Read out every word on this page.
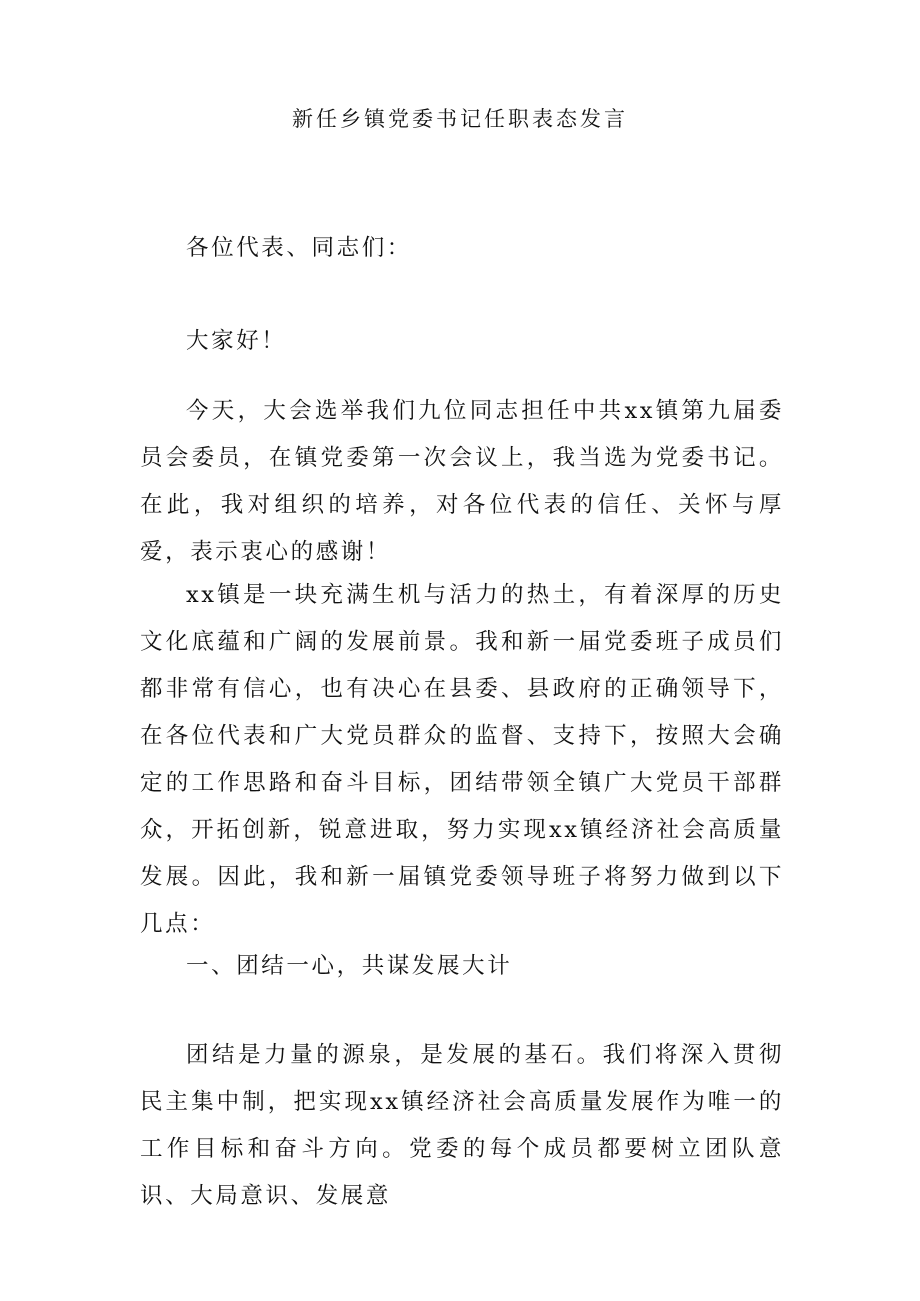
新任乡镇党委书记任职表态发言

各位代表、同志们：

大家好！

今天，大会选举我们九位同志担任中共xx镇第九届委员会委员，在镇党委第一次会议上，我当选为党委书记。在此，我对组织的培养，对各位代表的信任、关怀与厚爱，表示衷心的感谢！

xx镇是一块充满生机与活力的热土，有着深厚的历史文化底蕴和广阔的发展前景。我和新一届党委班子成员们都非常有信心，也有决心在县委、县政府的正确领导下，在各位代表和广大党员群众的监督、支持下，按照大会确定的工作思路和奋斗目标，团结带领全镇广大党员干部群众，开拓创新，锐意进取，努力实现xx镇经济社会高质量发展。因此，我和新一届镇党委领导班子将努力做到以下几点：

一、团结一心，共谋发展大计

团结是力量的源泉，是发展的基石。我们将深入贯彻民主集中制，把实现xx镇经济社会高质量发展作为唯一的工作目标和奋斗方向。党委的每个成员都要树立团队意识、大局意识、发展意
